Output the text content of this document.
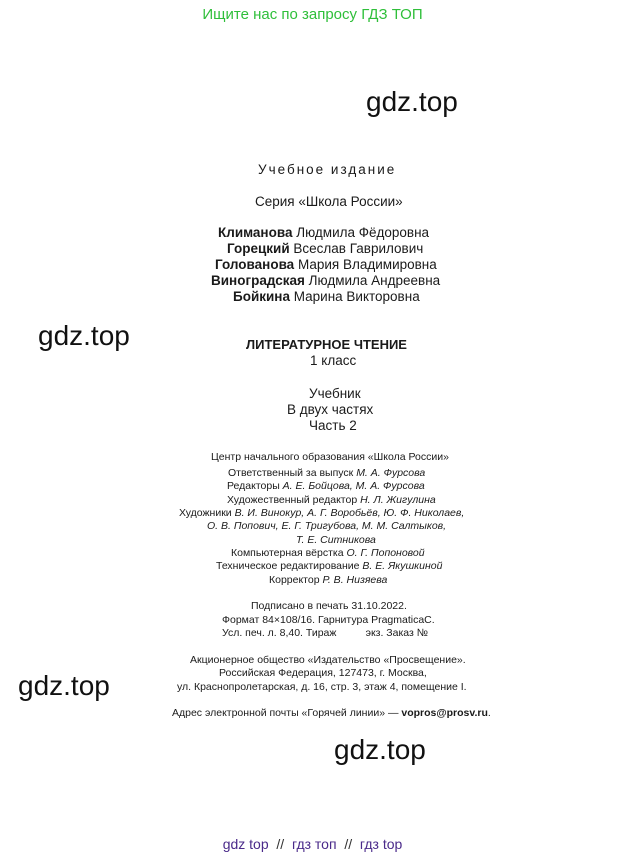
Ищите нас по запросу ГДЗ ТОП
gdz.top
gdz.top
gdz.top
gdz.top
Учебное издание
Серия «Школа России»
Климанова Людмила Фёдоровна
Горецкий Всеслав Гаврилович
Голованова Мария Владимировна
Виноградская Людмила Андреевна
Бойкина Марина Викторовна
ЛИТЕРАТУРНОЕ ЧТЕНИЕ
1 класс
Учебник
В двух частях
Часть 2
Центр начального образования «Школа России»
Ответственный за выпуск М. А. Фурсова
Редакторы А. Е. Бойцова, М. А. Фурсова
Художественный редактор Н. Л. Жигулина
Художники В. И. Винокур, А. Г. Воробьёв, Ю. Ф. Николаев,
О. В. Попович, Е. Г. Тригубова, М. М. Салтыков,
Т. Е. Ситникова
Компьютерная вёрстка О. Г. Попоновой
Техническое редактирование В. Е. Якушкиной
Корректор Р. В. Низяева
Подписано в печать 31.10.2022.
Формат 84×108/16. Гарнитура PragmaticaC.
Усл. печ. л. 8,40. Тираж          экз. Заказ №
Акционерное общество «Издательство «Просвещение».
Российская Федерация, 127473, г. Москва,
ул. Краснопролетарская, д. 16, стр. 3, этаж 4, помещение I.
Адрес электронной почты «Горячей линии» — vopros@prosv.ru.
gdz top // гдз топ // гдз top
